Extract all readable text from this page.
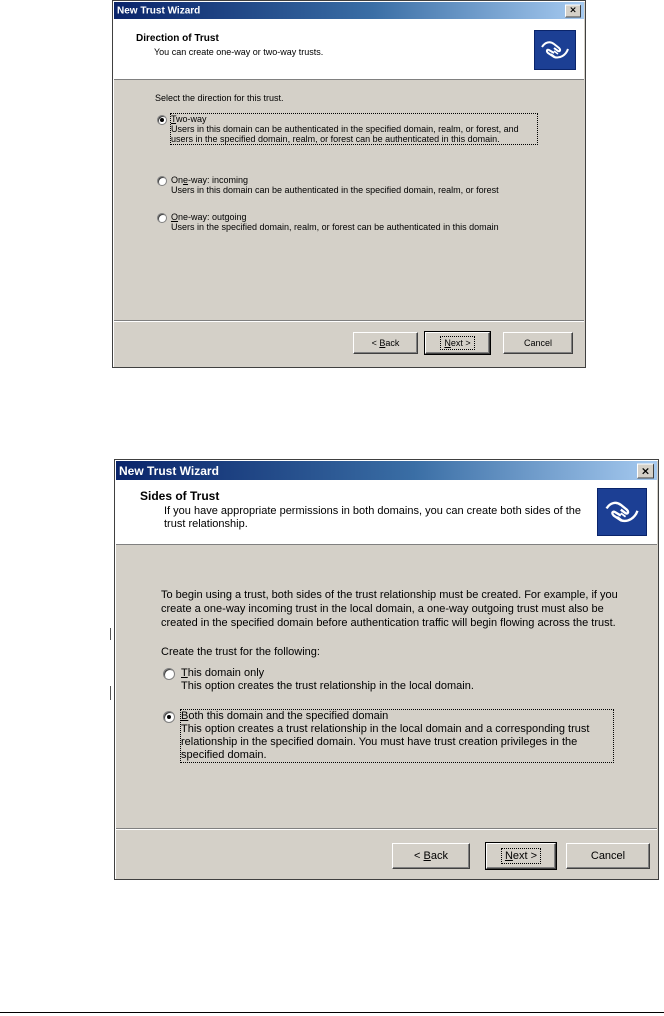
New Trust Wizard	×
Direction of Trust
You can create one-way or two-way trusts.
Select the direction for this trust.
Two-way
Users in this domain can be authenticated in the specified domain, realm, or forest, and users in the specified domain, realm, or forest can be authenticated in this domain.
One-way: incoming
Users in this domain can be authenticated in the specified domain, realm, or forest
One-way: outgoing
Users in the specified domain, realm, or forest can be authenticated in this domain
< Back	Next >	Cancel
New Trust Wizard	×
Sides of Trust
If you have appropriate permissions in both domains, you can create both sides of the trust relationship.
To begin using a trust, both sides of the trust relationship must be created. For example, if you create a one-way incoming trust in the local domain, a one-way outgoing trust must also be created in the specified domain before authentication traffic will begin flowing across the trust.
Create the trust for the following:
This domain only
This option creates the trust relationship in the local domain.
Both this domain and the specified domain
This option creates a trust relationship in the local domain and a corresponding trust relationship in the specified domain. You must have trust creation privileges in the specified domain.
< Back	Next >	Cancel
